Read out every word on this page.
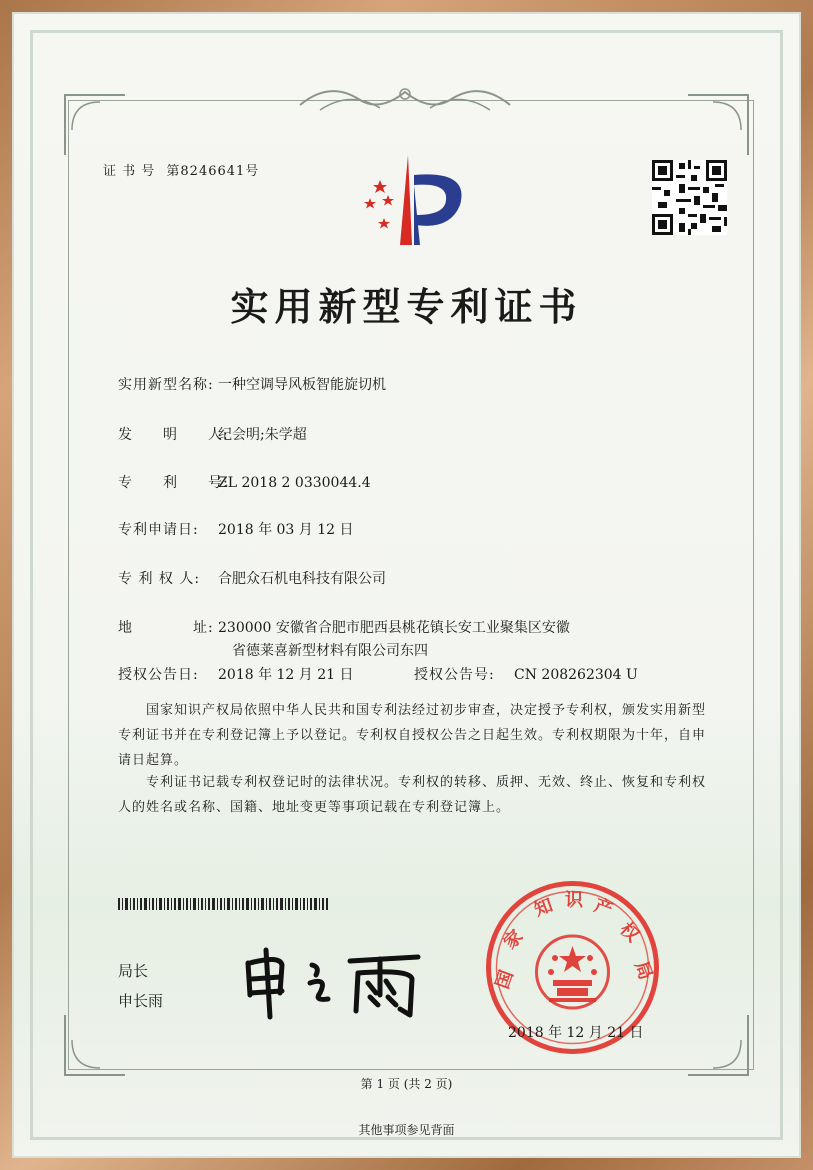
证 书 号 第8246641号
实用新型专利证书
实用新型名称: 一种空调导风板智能旋切机
发　　明　　人:纪会明;朱学超
专　　利　　号:ZL 2018 2 0330044.4
专利申请日: 2018 年 03 月 12 日
专 利 权 人: 合肥众石机电科技有限公司
地　　　　址: 230000 安徽省合肥市肥西县桃花镇长安工业聚集区安徽
省德莱喜新型材料有限公司东四
授权公告日: 2018 年 12 月 21 日	授权公告号: CN 208262304 U
国家知识产权局依照中华人民共和国专利法经过初步审查，决定授予专利权，颁发实用新型专利证书并在专利登记簿上予以登记。专利权自授权公告之日起生效。专利权期限为十年，自申请日起算。
专利证书记载专利权登记时的法律状况。专利权的转移、质押、无效、终止、恢复和专利权人的姓名或名称、国籍、地址变更等事项记载在专利登记簿上。
局长
申长雨
国
家
知 识 产
权
局
2018 年 12 月 21 日
第 1 页 (共 2 页)
其他事项参见背面
